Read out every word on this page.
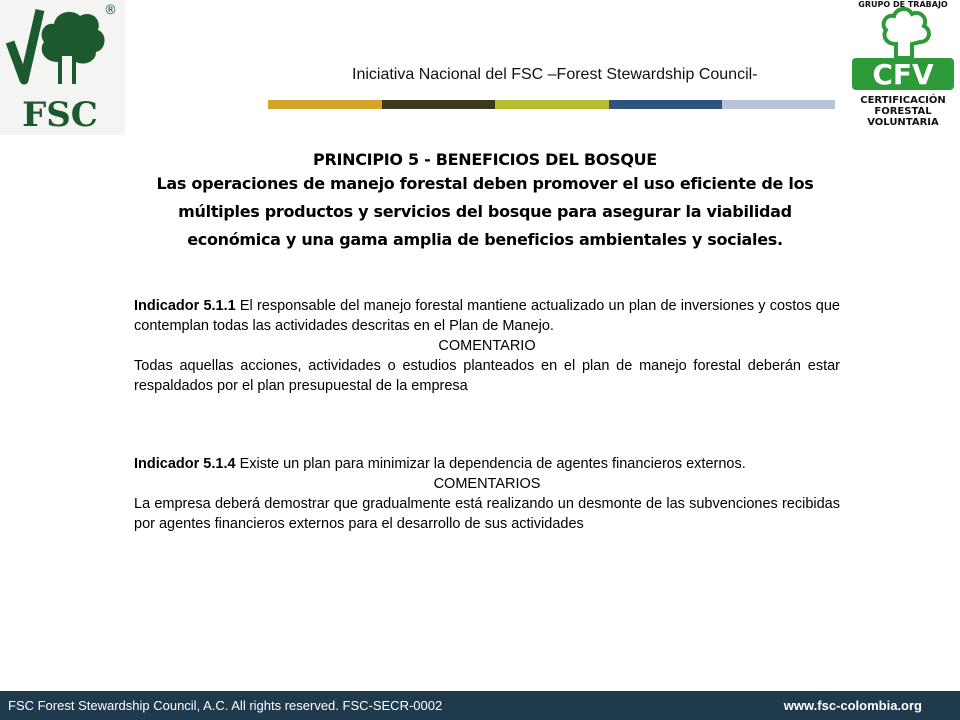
FSC
®
Iniciativa Nacional del FSC –Forest Stewardship Council-
GRUPO DE TRABAJO
CFV
CERTIFICACIÓN
FORESTAL
VOLUNTARIA
PRINCIPIO 5 - BENEFICIOS DEL BOSQUE
Las operaciones de manejo forestal deben promover el uso eficiente de los múltiples productos y servicios del bosque para asegurar la viabilidad económica y una gama amplia de beneficios ambientales y sociales.
Indicador 5.1.1 El responsable del manejo forestal mantiene actualizado un plan de inversiones y costos que contemplan todas las actividades descritas en el Plan de Manejo.
COMENTARIO
Todas aquellas acciones, actividades o estudios planteados en el plan de manejo forestal deberán estar respaldados por el plan presupuestal de la empresa
Indicador 5.1.4 Existe un plan para minimizar la dependencia de agentes financieros externos.
COMENTARIOS
La empresa deberá demostrar que gradualmente está realizando un desmonte de las subvenciones recibidas por agentes financieros externos para el desarrollo de sus actividades
FSC Forest Stewardship Council, A.C. All rights reserved. FSC-SECR-0002	www.fsc-colombia.org
